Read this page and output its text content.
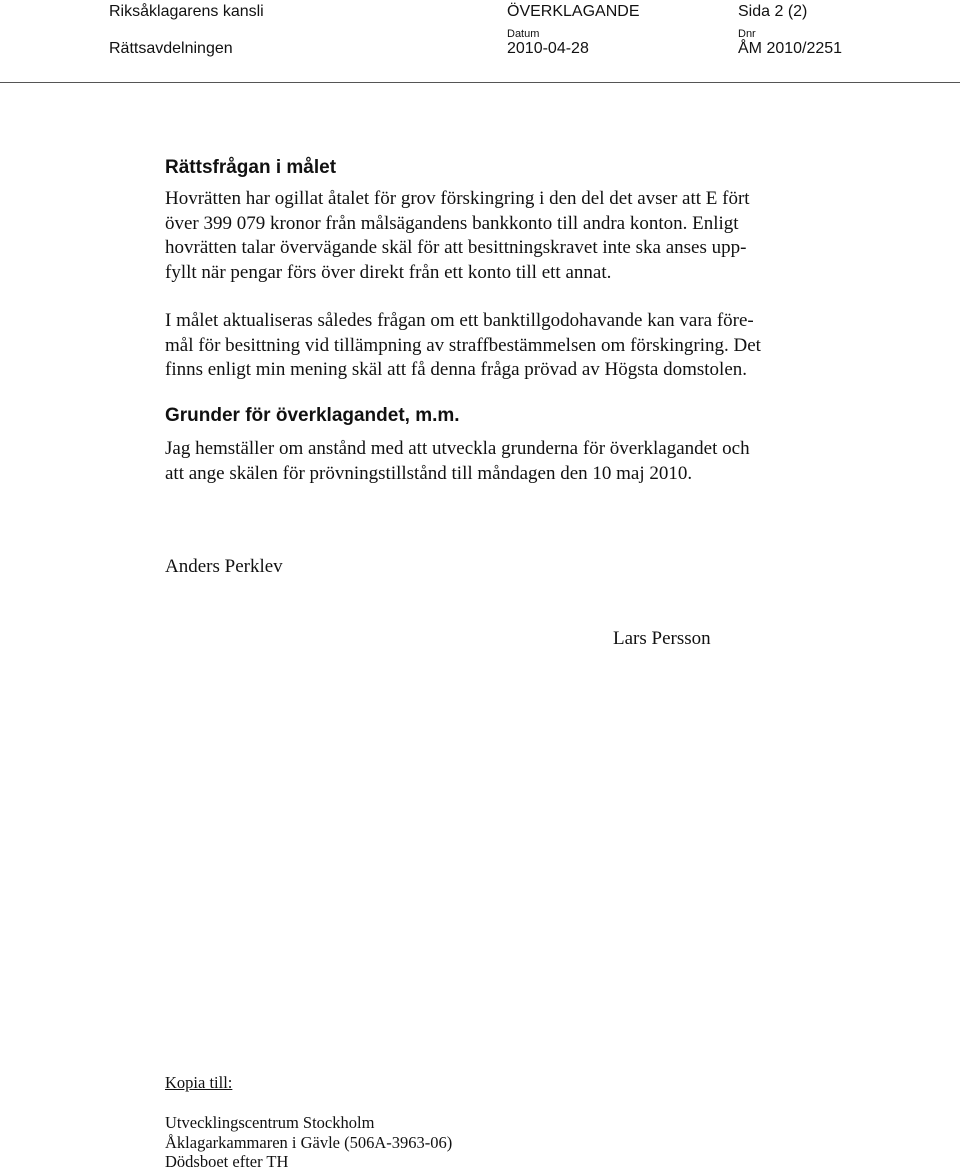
Riksåklagarens kansli
Rättsavdelningen
ÖVERKLAGANDE	Sida 2 (2)
Datum
2010-04-28
Dnr
ÅM 2010/2251
Rättsfrågan i målet
Hovrätten har ogillat åtalet för grov förskingring i den del det avser att E fört
över 399 079 kronor från målsägandens bankkonto till andra konton. Enligt
hovrätten talar övervägande skäl för att besittningskravet inte ska anses upp-
fyllt när pengar förs över direkt från ett konto till ett annat.
I målet aktualiseras således frågan om ett banktillgodohavande kan vara före-
mål för besittning vid tillämpning av straffbestämmelsen om förskingring. Det
finns enligt min mening skäl att få denna fråga prövad av Högsta domstolen.
Grunder för överklagandet, m.m.
Jag hemställer om anstånd med att utveckla grunderna för överklagandet och
att ange skälen för prövningstillstånd till måndagen den 10 maj 2010.
Anders Perklev
Lars Persson
Kopia till:
Utvecklingscentrum Stockholm
Åklagarkammaren i Gävle (506A-3963-06)
Dödsboet efter TH
